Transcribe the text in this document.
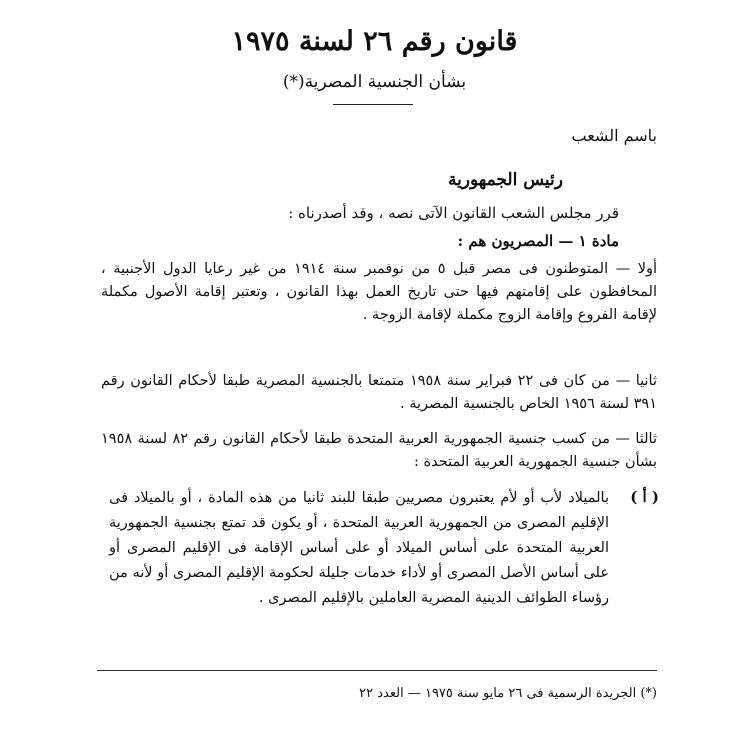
قانون رقم ٢٦ لسنة ١٩٧٥
بشأن الجنسية المصرية(*)
باسم الشعب
رئيس الجمهورية
قرر مجلس الشعب القانون الآتى نصه ، وقد أصدرناه :
مادة ١ — المصريون هم :
أولا — المتوطنون فى مصر قبل ٥ من نوفمبر سنة ١٩١٤ من غير رعايا الدول الأجنبية ، المحافظون على إقامتهم فيها حتى تاريخ العمل بهذا القانون ، وتعتبر إقامة الأصول مكملة لإقامة الفروع وإقامة الزوج مكملة لإقامة الزوجة .
ثانيا — من كان فى ٢٢ فبراير سنة ١٩٥٨ متمتعا بالجنسية المصرية طبقا لأحكام القانون رقم ٣٩١ لسنة ١٩٥٦ الخاص بالجنسية المصرية .
ثالثا — من كسب جنسية الجمهورية العربية المتحدة طبقا لأحكام القانون رقم ٨٢ لسنة ١٩٥٨ بشأن جنسية الجمهورية العربية المتحدة :
( أ )
بالميلاد لأب أو لأم يعتبرون مصريين طبقا للبند ثانيا من هذه المادة ، أو بالميلاد فى الإقليم المصرى من الجمهورية العربية المتحدة ، أو يكون قد تمتع بجنسية الجمهورية العربية المتحدة على أساس الميلاد أو على أساس الإقامة فى الإقليم المصرى أو على أساس الأصل المصرى أو لأداء خدمات جليلة لحكومة الإقليم المصرى أو لأنه من رؤساء الطوائف الدينية المصرية العاملين بالإقليم المصرى .
(*) الجريدة الرسمية فى ٢٦ مايو سنة ١٩٧٥ — العدد ٢٢
